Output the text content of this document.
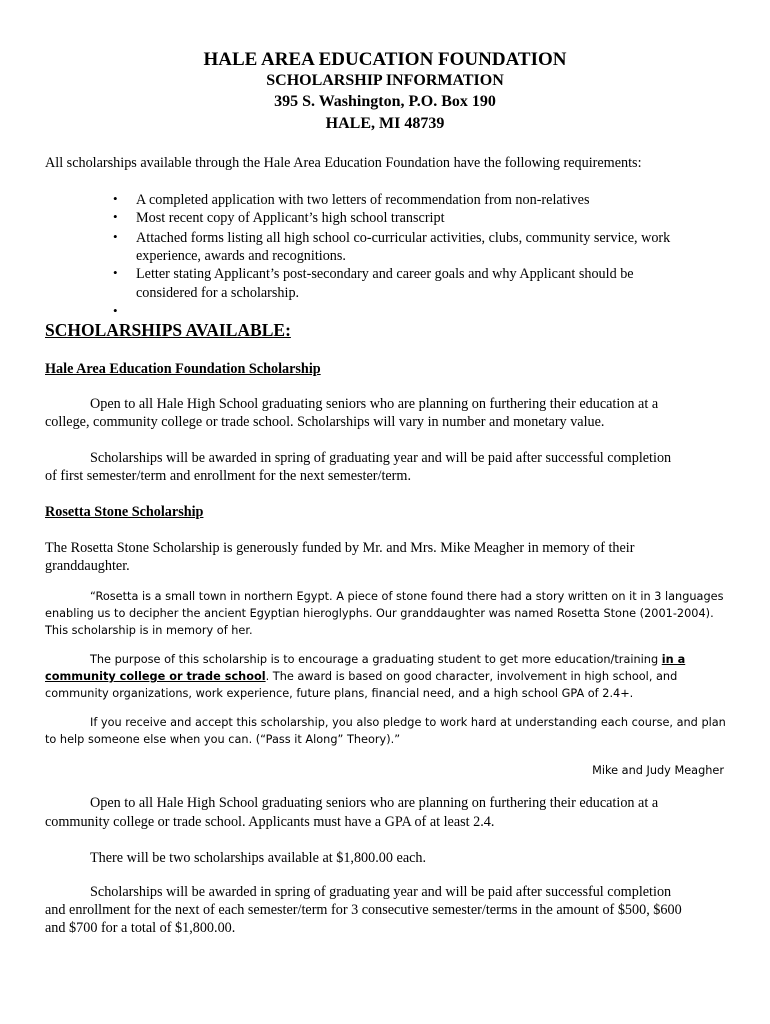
HALE AREA EDUCATION FOUNDATION
SCHOLARSHIP INFORMATION
395 S. Washington, P.O. Box 190
HALE, MI 48739
All scholarships available through the Hale Area Education Foundation have the following requirements:
• A completed application with two letters of recommendation from non-relatives
• Most recent copy of Applicant’s high school transcript
• Attached forms listing all high school co-curricular activities, clubs, community service, work
experience, awards and recognitions.
• Letter stating Applicant’s post-secondary and career goals and why Applicant should be
considered for a scholarship.
•
SCHOLARSHIPS AVAILABLE:
Hale Area Education Foundation Scholarship
Open to all Hale High School graduating seniors who are planning on furthering their education at a
college, community college or trade school. Scholarships will vary in number and monetary value.
Scholarships will be awarded in spring of graduating year and will be paid after successful completion
of first semester/term and enrollment for the next semester/term.
Rosetta Stone Scholarship
The Rosetta Stone Scholarship is generously funded by Mr. and Mrs. Mike Meagher in memory of their
granddaughter.
“Rosetta is a small town in northern Egypt. A piece of stone found there had a story written on it in 3 languages
enabling us to decipher the ancient Egyptian hieroglyphs. Our granddaughter was named Rosetta Stone (2001-2004).
This scholarship is in memory of her.
The purpose of this scholarship is to encourage a graduating student to get more education/training in a
community college or trade school. The award is based on good character, involvement in high school, and
community organizations, work experience, future plans, financial need, and a high school GPA of 2.4+.
If you receive and accept this scholarship, you also pledge to work hard at understanding each course, and plan
to help someone else when you can. (“Pass it Along” Theory).”
Mike and Judy Meagher
Open to all Hale High School graduating seniors who are planning on furthering their education at a
community college or trade school. Applicants must have a GPA of at least 2.4.
There will be two scholarships available at $1,800.00 each.
Scholarships will be awarded in spring of graduating year and will be paid after successful completion
and enrollment for the next of each semester/term for 3 consecutive semester/terms in the amount of $500, $600
and $700 for a total of $1,800.00.
